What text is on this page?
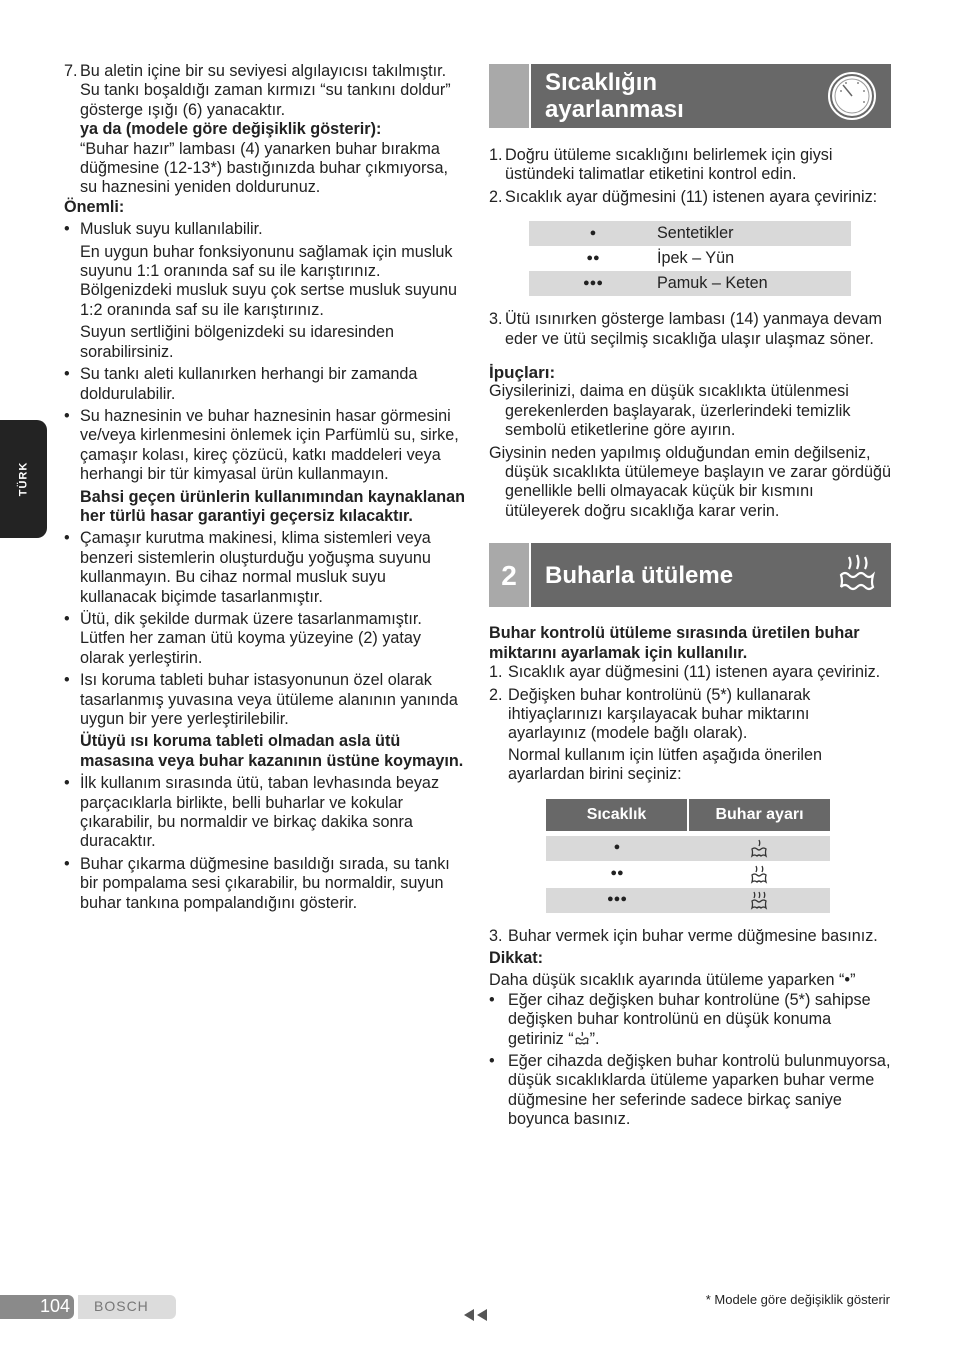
TÜRK
7. Bu aletin içine bir su seviyesi algılayıcısı takılmıştır. Su tankı boşaldığı zaman kırmızı “su tankını doldur” gösterge ışığı (6) yanacaktır.

ya da (modele göre değişiklik gösterir):

“Buhar hazır” lambası (4) yanarken buhar bırakma düğmesine (12-13*) bastığınızda buhar çıkmıyorsa, su haznesini yeniden doldurunuz.

Önemli:

• Musluk suyu kullanılabilir.

En uygun buhar fonksiyonunu sağlamak için musluk suyunu 1:1 oranında saf su ile karıştırınız. Bölgenizdeki musluk suyu çok sertse musluk suyunu 1:2 oranında saf su ile karıştırınız.

Suyun sertliğini bölgenizdeki su idaresinden sorabilirsiniz.

• Su tankı aleti kullanırken herhangi bir zamanda doldurulabilir.

• Su haznesinin ve buhar haznesinin hasar görmesini ve/veya kirlenmesini önlemek için Parfümlü su, sirke, çamaşır kolası, kireç çözücü, katkı maddeleri veya herhangi bir tür kimyasal ürün kullanmayın.

Bahsi geçen ürünlerin kullanımından kaynaklanan her türlü hasar garantiyi geçersiz kılacaktır.

• Çamaşır kurutma makinesi, klima sistemleri veya benzeri sistemlerin oluşturduğu yoğuşma suyunu kullanmayın. Bu cihaz normal musluk suyu kullanacak biçimde tasarlanmıştır.

• Ütü, dik şekilde durmak üzere tasarlanmamıştır. Lütfen her zaman ütü koyma yüzeyine (2) yatay olarak yerleştirin.

• Isı koruma tableti buhar istasyonunun özel olarak tasarlanmış yuvasına veya ütüleme alanının yanında uygun bir yere yerleştirilebilir.

Ütüyü ısı koruma tableti olmadan asla ütü masasına veya buhar kazanının üstüne koymayın.

• İlk kullanım sırasında ütü, taban levhasında beyaz parçacıklarla birlikte, belli buharlar ve kokular çıkarabilir, bu normaldir ve birkaç dakika sonra duracaktır.

• Buhar çıkarma düğmesine basıldığı sırada, su tankı bir pompalama sesi çıkarabilir, bu normaldir, suyun buhar tankına pompalandığını gösterir.

Sıcaklığın ayarlanması
1. Doğru ütüleme sıcaklığını belirlemek için giysi üstündeki talimatlar etiketini kontrol edin.

2. Sıcaklık ayar düğmesini (11) istenen ayara çeviriniz:

●	Sentetikler
●●	İpek – Yün
●●●	Pamuk – Keten
3. Ütü ısınırken gösterge lambası (14) yanmaya devam eder ve ütü seçilmiş sıcaklığa ulaşır ulaşmaz söner.

İpuçları:

Giysilerinizi, daima en düşük sıcaklıkta ütülenmesi gerekenlerden başlayarak, üzerlerindeki temizlik sembolü etiketlerine göre ayırın.

Giysinin neden yapılmış olduğundan emin değilseniz, düşük sıcaklıkta ütülemeye başlayın ve zarar gördüğü genellikle belli olmayacak küçük bir kısmını ütüleyerek doğru sıcaklığa karar verin.

2	Buharla ütüleme

Buhar kontrolü ütüleme sırasında üretilen buhar miktarını ayarlamak için kullanılır.

1. Sıcaklık ayar düğmesini (11) istenen ayara çeviriniz.

2. Değişken buhar kontrolünü (5*) kullanarak ihtiyaçlarınızı karşılayacak buhar miktarını ayarlayınız (modele bağlı olarak).

Normal kullanım için lütfen aşağıda önerilen ayarlardan birini seçiniz:

Sıcaklık	Buhar ayarı
●
●●
●●●
3. Buhar vermek için buhar verme düğmesine basınız.

Dikkat:

Daha düşük sıcaklık ayarında ütüleme yaparken “•”

• Eğer cihaz değişken buhar kontrolüne (5*) sahipse değişken buhar kontrolünü en düşük konuma getiriniz “ ”.

• Eğer cihazda değişken buhar kontrolü bulunmuyorsa, düşük sıcaklıklarda ütüleme yaparken buhar verme düğmesine her seferinde sadece birkaç saniye boyunca basınız.

104	BOSCH	* Modele göre değişiklik gösterir
